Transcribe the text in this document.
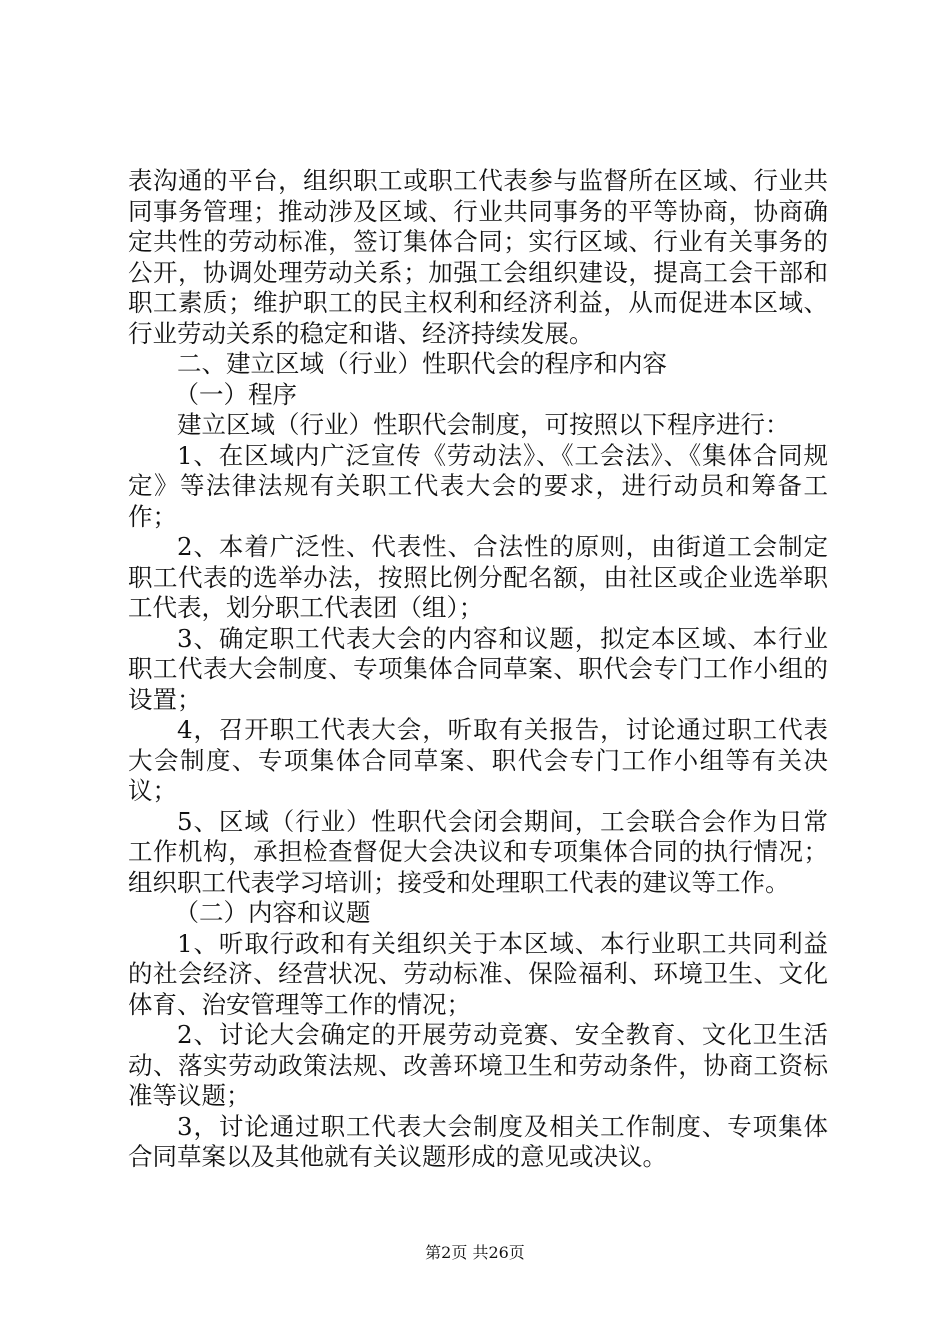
表沟通的平台，组织职工或职工代表参与监督所在区域、行业共同事务管理；推动涉及区域、行业共同事务的平等协商，协商确定共性的劳动标准，签订集体合同；实行区域、行业有关事务的公开，协调处理劳动关系；加强工会组织建设，提高工会干部和职工素质；维护职工的民主权利和经济利益，从而促进本区域、行业劳动关系的稳定和谐、经济持续发展。

二、建立区域（行业）性职代会的程序和内容

（一）程序

建立区域（行业）性职代会制度，可按照以下程序进行：

1、在区域内广泛宣传《劳动法》、《工会法》、《集体合同规定》等法律法规有关职工代表大会的要求，进行动员和筹备工作；

2、本着广泛性、代表性、合法性的原则，由街道工会制定职工代表的选举办法，按照比例分配名额，由社区或企业选举职工代表，划分职工代表团（组）；

3、确定职工代表大会的内容和议题，拟定本区域、本行业职工代表大会制度、专项集体合同草案、职代会专门工作小组的设置；

4，召开职工代表大会，听取有关报告，讨论通过职工代表大会制度、专项集体合同草案、职代会专门工作小组等有关决议；

5、区域（行业）性职代会闭会期间，工会联合会作为日常工作机构，承担检查督促大会决议和专项集体合同的执行情况；组织职工代表学习培训；接受和处理职工代表的建议等工作。

（二）内容和议题

1、听取行政和有关组织关于本区域、本行业职工共同利益的社会经济、经营状况、劳动标准、保险福利、环境卫生、文化体育、治安管理等工作的情况；

2、讨论大会确定的开展劳动竞赛、安全教育、文化卫生活动、落实劳动政策法规、改善环境卫生和劳动条件，协商工资标准等议题；

3，讨论通过职工代表大会制度及相关工作制度、专项集体合同草案以及其他就有关议题形成的意见或决议。

第2页 共26页
